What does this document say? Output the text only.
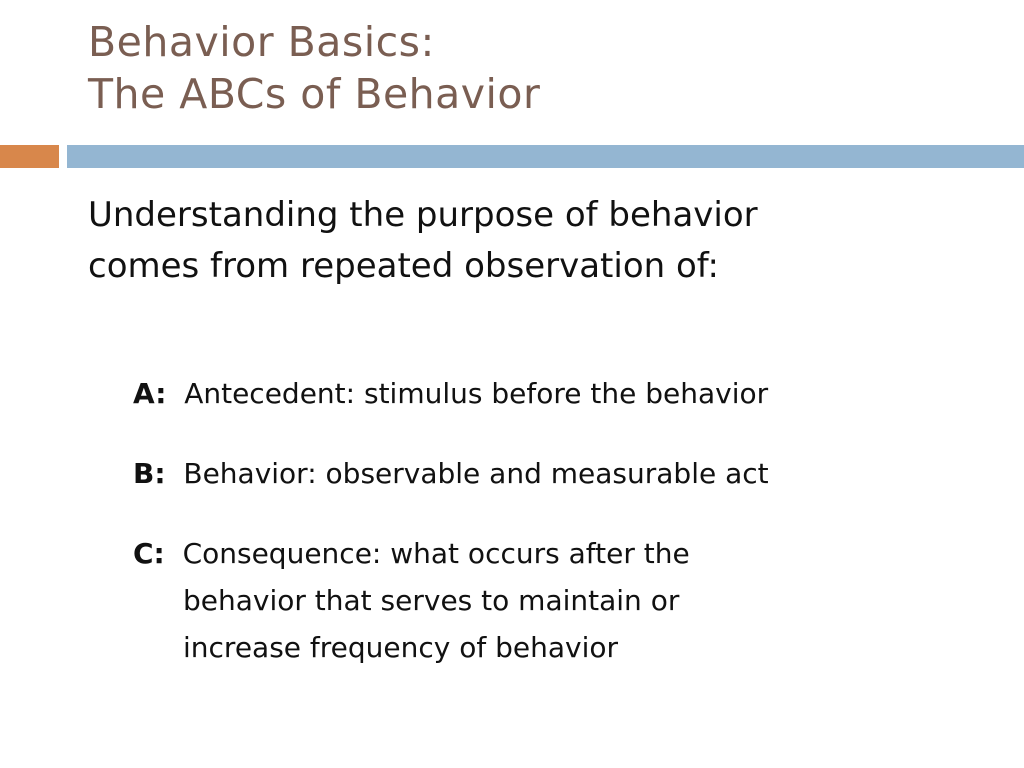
Behavior Basics:
The ABCs of Behavior
Understanding the purpose of behavior
comes from repeated observation of:
A: Antecedent: stimulus before the behavior
B: Behavior: observable and measurable act
C: Consequence: what occurs after the
behavior that serves to maintain or
increase frequency of behavior
